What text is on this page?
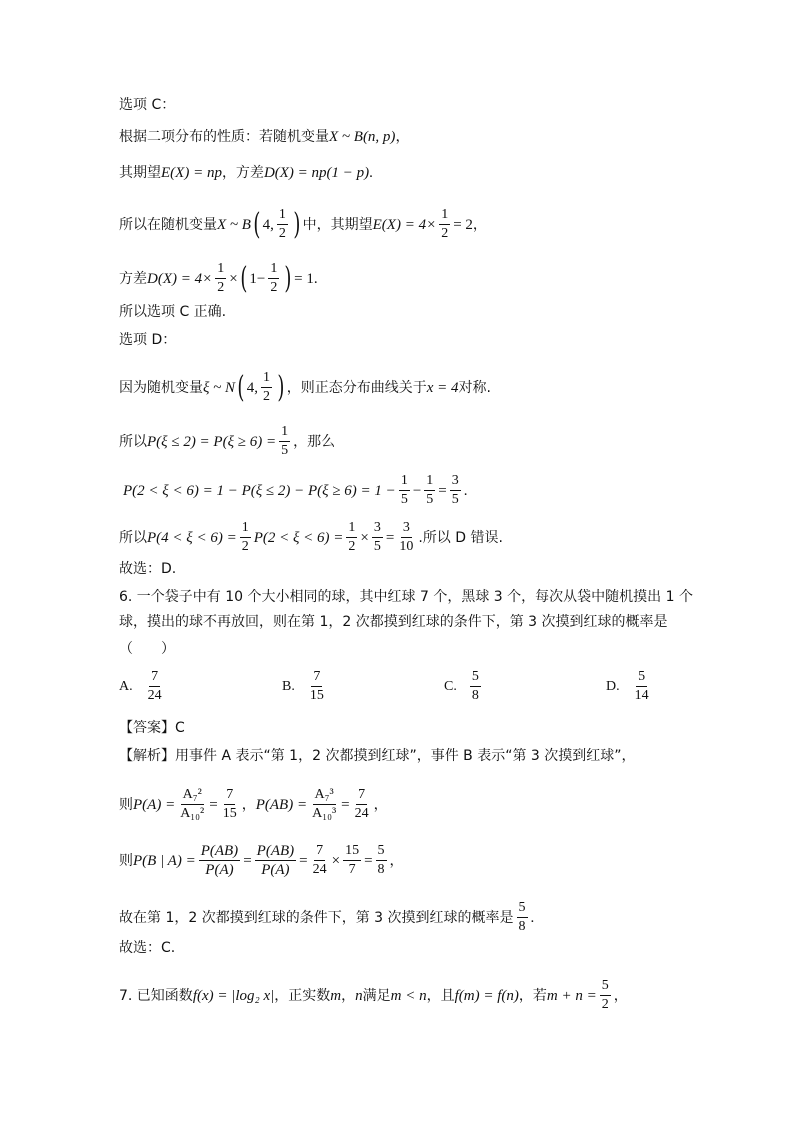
选项 C：
根据二项分布的性质：若随机变量 X ~ B(n, p) ，
其期望 E(X) = np ，方差 D(X) = np(1 − p) .
所以在随机变量 X ~ B ( 4, $\frac{1}{2}$ ) 中，其期望 $E(X) = 4\times \frac{1}{2} = 2$ ，
方差 $D(X) = 4\times \frac{1}{2}$ × ( $1- \frac{1}{2}$ ) = 1 .
所以选项 C 正确.
选项 D：
因为随机变量 ξ ~ N ( 4, $\frac{1}{2}$ ) ，则正态分布曲线关于 x = 4 对称.
所以 $P(\xi \le 2) = P(\xi \ge 6) = \frac{1}{5}$ ，那么
$P(2 < \xi < 6) = 1 - P(\xi \le 2) - P(\xi \ge 6) = 1 - \frac{1}{5} - \frac{1}{5} = \frac{3}{5}$ .
所以 $P(4 < \xi < 6) = \frac{1}{2} P(2 < \xi < 6) = \frac{1}{2} \times \frac{3}{5} = \frac{3}{10}$ .所以 D 错误.
故选：D.
6. 一个袋子中有 10 个大小相同的球，其中红球 7 个，黑球 3 个，每次从袋中随机摸出 1 个
球，摸出的球不再放回，则在第 1，2 次都摸到红球的条件下，第 3 次摸到红球的概率是
（　　）
A. $\frac{7}{24}$	B. $\frac{7}{15}$	C. $\frac{5}{8}$	D. $\frac{5}{14}$
【答案】C
【解析】用事件 A 表示“第 1，2 次都摸到红球”，事件 B 表示“第 3 次摸到红球”，
则 $P(A) = \frac{\text{A₇²}}{\text{A₁₀²}} = \frac{7}{15}$ ， $P(AB) = \frac{\text{A₇³}}{\text{A₁₀³}} = \frac{7}{24}$ ，
则 P(B | $A) = \frac{P(AB)}{P(A)} = \frac{P(AB)}{P(A)} = \frac{7}{24} \times \frac{15}{7} = \frac{5}{8}$ ，
故在第 1，2 次都摸到红球的条件下，第 3 次摸到红球的概率是 $\frac{5}{8}$ .
故选：C.
7. 已知函数 f(x) = |log₂ x| ，正实数 m ， n 满足 m < n ，且 f(m) = f(n) ，若 $m + n = \frac{5}{2}$ ，
